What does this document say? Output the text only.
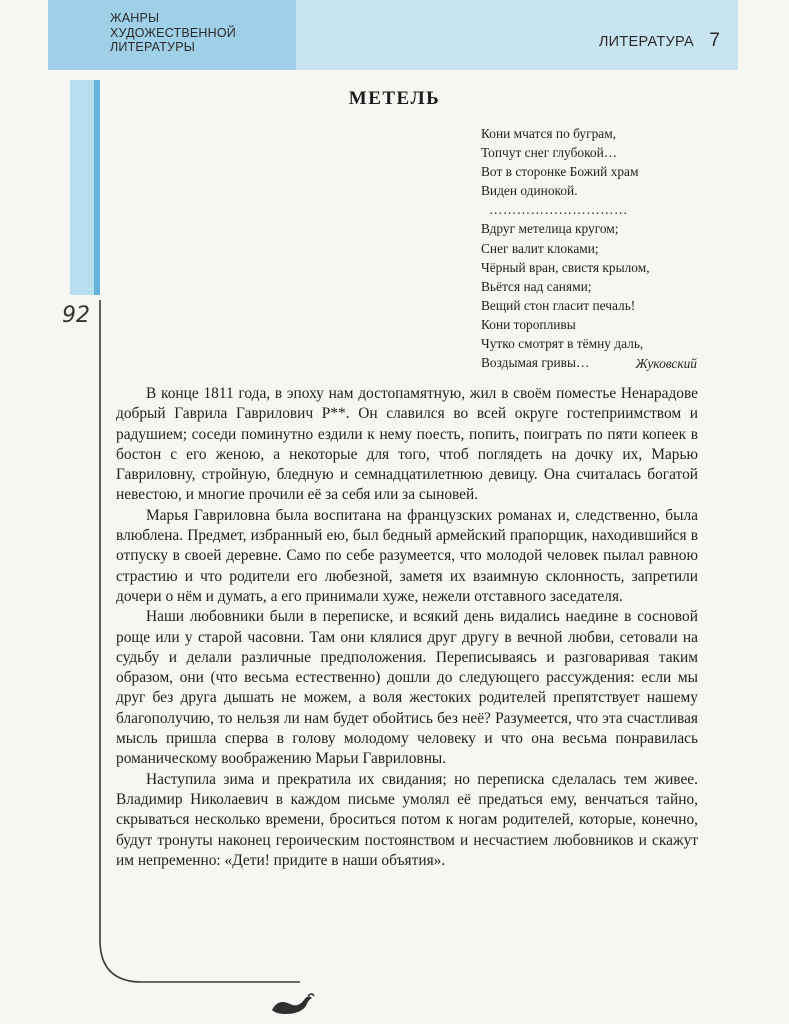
ЖАНРЫ
ХУДОЖЕСТВЕННОЙ
ЛИТЕРАТУРЫ	ЛИТЕРАТУРА 7
92
МЕТЕЛЬ
Кони мчатся по буграм,
Топчут снег глубокой…
Вот в сторонке Божий храм
Виден одинокой.
…………………………
Вдруг метелица кругом;
Снег валит клоками;
Чёрный вран, свистя крылом,
Вьётся над санями;
Вещий стон гласит печаль!
Кони торопливы
Чутко смотрят в тёмну даль,
Воздымая гривы…	Жуковский

В конце 1811 года, в эпоху нам достопамятную, жил в своём поместье Ненарадове добрый Гаврила Гаврилович Р**. Он славился во всей округе гостеприимством и радушием; соседи поминутно ездили к нему поесть, попить, поиграть по пяти копеек в бостон с его женою, а некоторые для того, чтоб поглядеть на дочку их, Марью Гавриловну, стройную, бледную и семнадцатилетнюю девицу. Она считалась богатой невестою, и многие прочили её за себя или за сыновей.

Марья Гавриловна была воспитана на французских романах и, следственно, была влюблена. Предмет, избранный ею, был бедный армейский прапорщик, находившийся в отпуску в своей деревне. Само по себе разумеется, что молодой человек пылал равною страстию и что родители его любезной, заметя их взаимную склонность, запретили дочери о нём и думать, а его принимали хуже, нежели отставного заседателя.

Наши любовники были в переписке, и всякий день видались наедине в сосновой роще или у старой часовни. Там они клялися друг другу в вечной любви, сетовали на судьбу и делали различные предположения. Переписываясь и разговаривая таким образом, они (что весьма естественно) дошли до следующего рассуждения: если мы друг без друга дышать не можем, а воля жестоких родителей препятствует нашему благополучию, то нельзя ли нам будет обойтись без неё? Разумеется, что эта счастливая мысль пришла сперва в голову молодому человеку и что она весьма понравилась романическому воображению Марьи Гавриловны.

Наступила зима и прекратила их свидания; но переписка сделалась тем живее. Владимир Николаевич в каждом письме умолял её предаться ему, венчаться тайно, скрываться несколько времени, броситься потом к ногам родителей, которые, конечно, будут тронуты наконец героическим постоянством и несчастием любовников и скажут им непременно: «Дети! придите в наши объятия».
